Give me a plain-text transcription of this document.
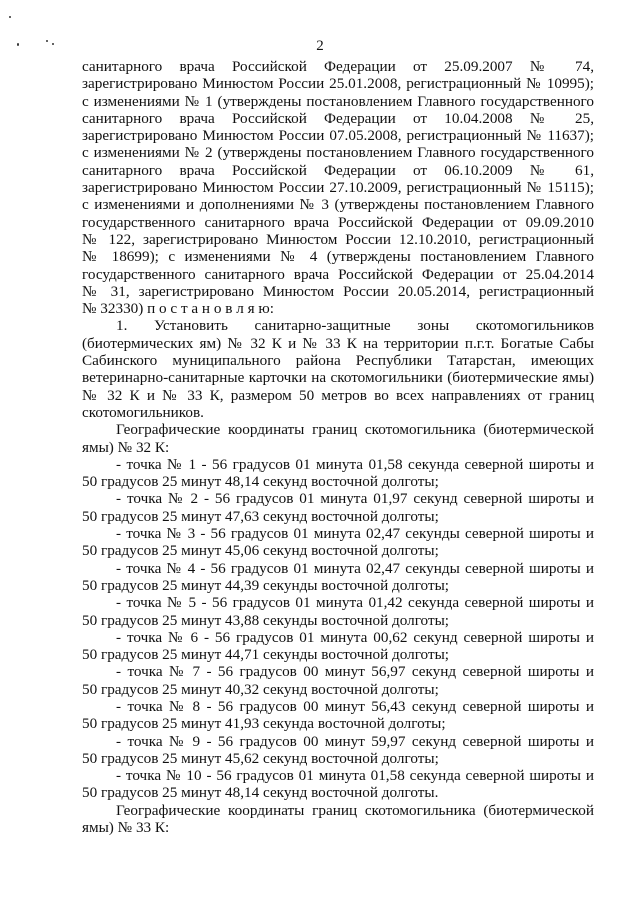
2
санитарного врача Российской Федерации от 25.09.2007 № 74,
зарегистрировано Минюстом России 25.01.2008, регистрационный № 10995);
с изменениями № 1 (утверждены постановлением Главного государственного
санитарного врача Российской Федерации от 10.04.2008 № 25,
зарегистрировано Минюстом России 07.05.2008, регистрационный № 11637);
с изменениями № 2 (утверждены постановлением Главного государственного
санитарного врача Российской Федерации от 06.10.2009 № 61,
зарегистрировано Минюстом России 27.10.2009, регистрационный № 15115);
с изменениями и дополнениями № 3 (утверждены постановлением Главного
государственного санитарного врача Российской Федерации от 09.09.2010
№ 122, зарегистрировано Минюстом России 12.10.2010, регистрационный
№ 18699); с изменениями № 4 (утверждены постановлением Главного
государственного санитарного врача Российской Федерации от 25.04.2014
№ 31, зарегистрировано Минюстом России 20.05.2014, регистрационный
№ 32330) п о с т а н о в л я ю:
1. Установить санитарно-защитные зоны скотомогильников
(биотермических ям) № 32 К и № 33 К на территории п.г.т. Богатые Сабы
Сабинского муниципального района Республики Татарстан, имеющих
ветеринарно-санитарные карточки на скотомогильники (биотермические ямы)
№ 32 К и № 33 К, размером 50 метров во всех направлениях от границ
скотомогильников.
Географические координаты границ скотомогильника (биотермической
ямы) № 32 К:
- точка № 1 - 56 градусов 01 минута 01,58 секунда северной широты и
50 градусов 25 минут 48,14 секунд восточной долготы;
- точка № 2 - 56 градусов 01 минута 01,97 секунд северной широты и
50 градусов 25 минут 47,63 секунд восточной долготы;
- точка № 3 - 56 градусов 01 минута 02,47 секунды северной широты и
50 градусов 25 минут 45,06 секунд восточной долготы;
- точка № 4 - 56 градусов 01 минута 02,47 секунды северной широты и
50 градусов 25 минут 44,39 секунды восточной долготы;
- точка № 5 - 56 градусов 01 минута 01,42 секунда северной широты и
50 градусов 25 минут 43,88 секунды восточной долготы;
- точка № 6 - 56 градусов 01 минута 00,62 секунд северной широты и
50 градусов 25 минут 44,71 секунды восточной долготы;
- точка № 7 - 56 градусов 00 минут 56,97 секунд северной широты и
50 градусов 25 минут 40,32 секунд восточной долготы;
- точка № 8 - 56 градусов 00 минут 56,43 секунд северной широты и
50 градусов 25 минут 41,93 секунда восточной долготы;
- точка № 9 - 56 градусов 00 минут 59,97 секунд северной широты и
50 градусов 25 минут 45,62 секунд восточной долготы;
- точка № 10 - 56 градусов 01 минута 01,58 секунда северной широты и
50 градусов 25 минут 48,14 секунд восточной долготы.
Географические координаты границ скотомогильника (биотермической
ямы) № 33 К:
